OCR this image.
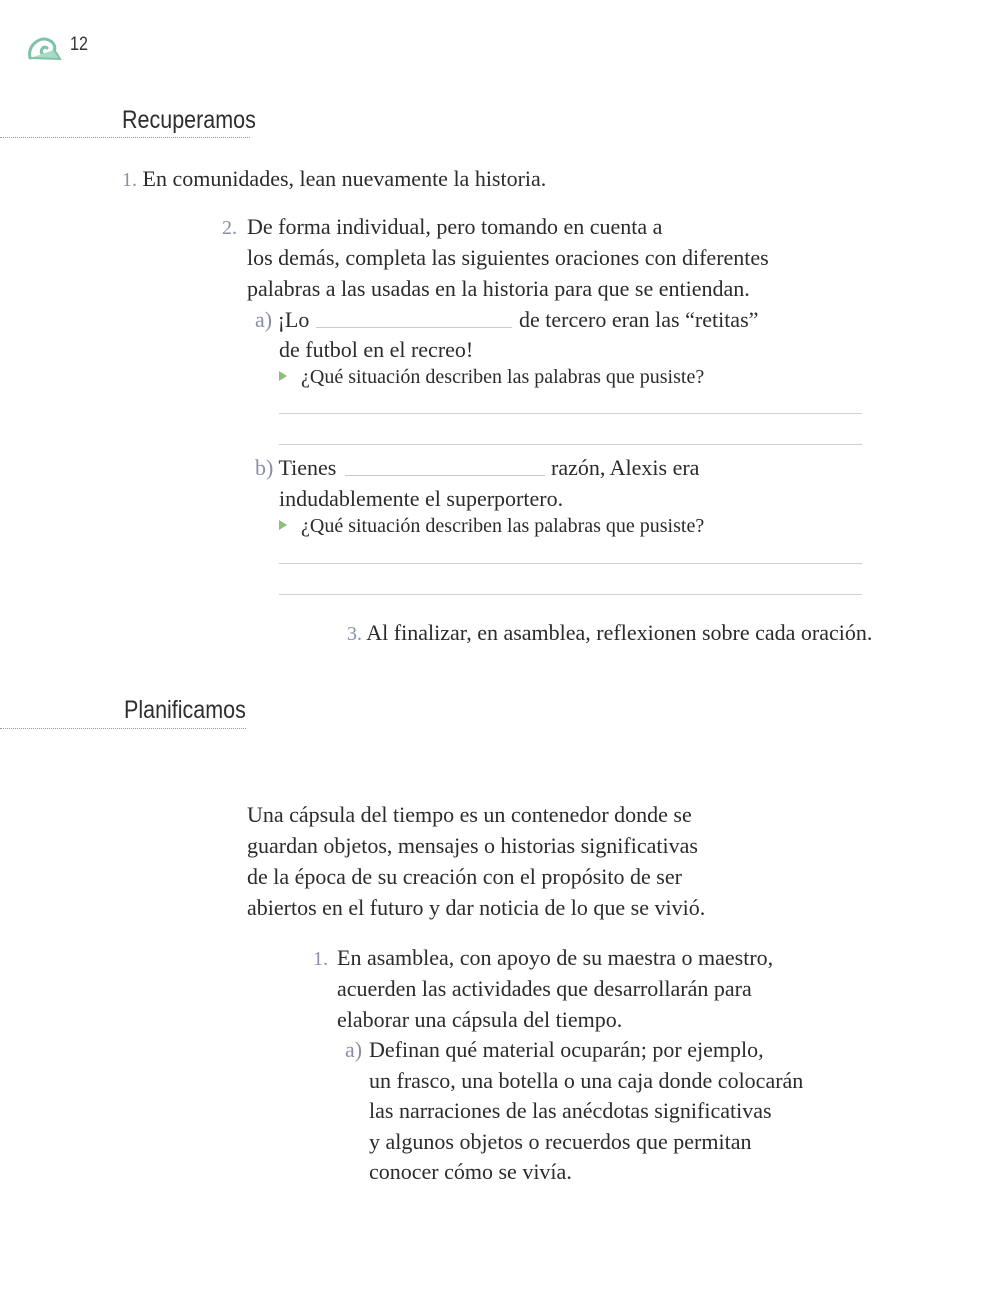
12
Recuperamos
1. En comunidades, lean nuevamente la historia.
2. De forma individual, pero tomando en cuenta a
los demás, completa las siguientes oraciones con diferentes
palabras a las usadas en la historia para que se entiendan.
a) ¡Lo	de tercero eran las “retitas”
de futbol en el recreo!
¿Qué situación describen las palabras que pusiste?
b) Tienes	razón, Alexis era
indudablemente el superportero.
¿Qué situación describen las palabras que pusiste?
3. Al finalizar, en asamblea, reflexionen sobre cada oración.
Planificamos
Una cápsula del tiempo es un contenedor donde se
guardan objetos, mensajes o historias significativas
de la época de su creación con el propósito de ser
abiertos en el futuro y dar noticia de lo que se vivió.
1. En asamblea, con apoyo de su maestra o maestro,
acuerden las actividades que desarrollarán para
elaborar una cápsula del tiempo.
a) Definan qué material ocuparán; por ejemplo,
un frasco, una botella o una caja donde colocarán
las narraciones de las anécdotas significativas
y algunos objetos o recuerdos que permitan
conocer cómo se vivía.
